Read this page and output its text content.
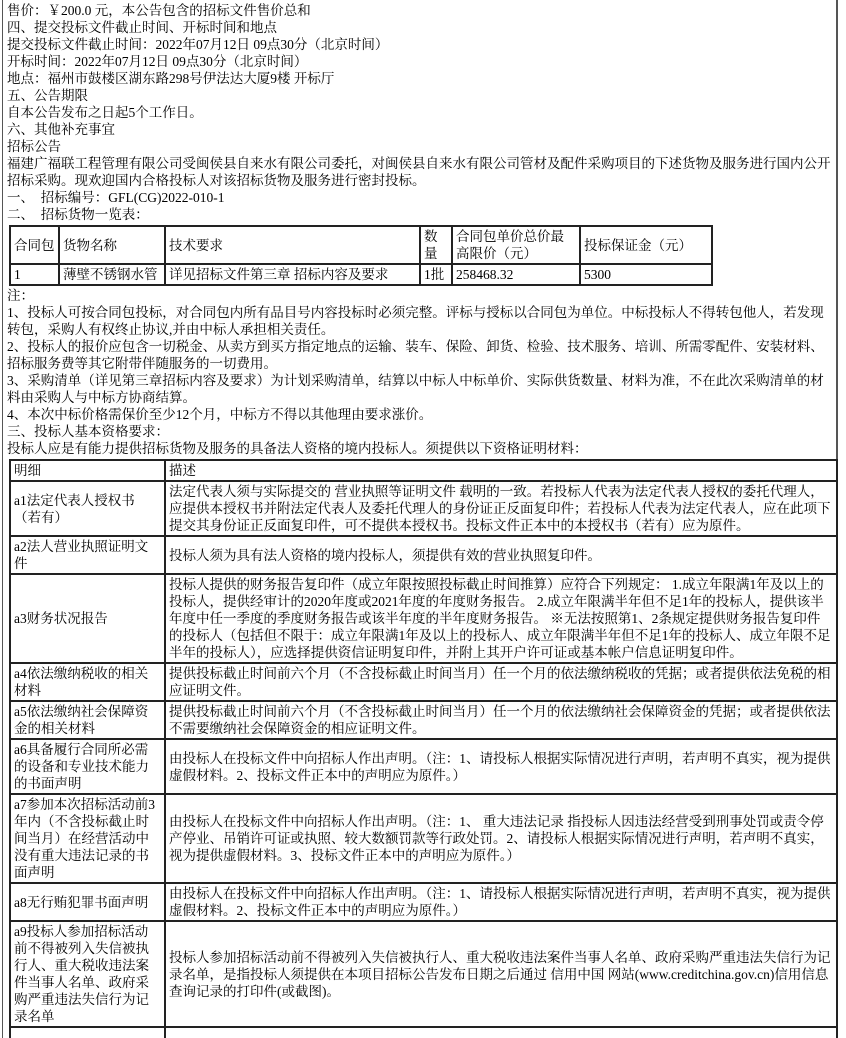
售价：￥200.0 元，本公告包含的招标文件售价总和
四、提交投标文件截止时间、开标时间和地点
提交投标文件截止时间：2022年07月12日 09点30分（北京时间）
开标时间：2022年07月12日 09点30分（北京时间）
地点：福州市鼓楼区湖东路298号伊法达大厦9楼 开标厅
五、公告期限
自本公告发布之日起5个工作日。
六、其他补充事宜
招标公告
福建广福联工程管理有限公司受闽侯县自来水有限公司委托，对闽侯县自来水有限公司管材及配件采购项目的下述货物及服务进行国内公开招标采购。现欢迎国内合格投标人对该招标货物及服务进行密封投标。
一、　招标编号：GFL(CG)2022-010-1
二、　招标货物一览表：
合同包	货物名称	技术要求	数量	合同包单价总价最高限价（元）	投标保证金（元）
1	薄壁不锈钢水管	详见招标文件第三章 招标内容及要求	1批	258468.32	5300
注：
1、投标人可按合同包投标，对合同包内所有品目号内容投标时必须完整。评标与授标以合同包为单位。中标投标人不得转包他人，若发现转包，采购人有权终止协议,并由中标人承担相关责任。
2、投标人的报价应包含一切税金、从卖方到买方指定地点的运输、装车、保险、卸货、检验、技术服务、培训、所需零配件、安装材料、招标服务费等其它附带伴随服务的一切费用。
3、采购清单（详见第三章招标内容及要求）为计划采购清单，结算以中标人中标单价、实际供货数量、材料为准，不在此次采购清单的材料由采购人与中标方协商结算。
4、本次中标价格需保价至少12个月，中标方不得以其他理由要求涨价。
三、投标人基本资格要求：
投标人应是有能力提供招标货物及服务的具备法人资格的境内投标人。须提供以下资格证明材料：
明细	描述
a1法定代表人授权书（若有）	法定代表人须与实际提交的 营业执照等证明文件 载明的一致。若投标人代表为法定代表人授权的委托代理人，应提供本授权书并附法定代表人及委托代理人的身份证正反面复印件；若投标人代表为法定代表人，应在此项下提交其身份证正反面复印件，可不提供本授权书。投标文件正本中的本授权书（若有）应为原件。
a2法人营业执照证明文件	投标人须为具有法人资格的境内投标人，须提供有效的营业执照复印件。
a3财务状况报告	投标人提供的财务报告复印件（成立年限按照投标截止时间推算）应符合下列规定： 1.成立年限满1年及以上的投标人，提供经审计的2020年度或2021年度的年度财务报告。 2.成立年限满半年但不足1年的投标人，提供该半年度中任一季度的季度财务报告或该半年度的半年度财务报告。 ※无法按照第1、2条规定提供财务报告复印件的投标人（包括但不限于：成立年限满1年及以上的投标人、成立年限满半年但不足1年的投标人、成立年限不足半年的投标人），应选择提供资信证明复印件，并附上其开户许可证或基本帐户信息证明复印件。
a4依法缴纳税收的相关材料	提供投标截止时间前六个月（不含投标截止时间当月）任一个月的依法缴纳税收的凭据；或者提供依法免税的相应证明文件。
a5依法缴纳社会保障资金的相关材料	提供投标截止时间前六个月（不含投标截止时间当月）任一个月的依法缴纳社会保障资金的凭据；或者提供依法不需要缴纳社会保障资金的相应证明文件。
a6具备履行合同所必需的设备和专业技术能力的书面声明	由投标人在投标文件中向招标人作出声明。（注：1、请投标人根据实际情况进行声明，若声明不真实，视为提供虚假材料。2、投标文件正本中的声明应为原件。）
a7参加本次招标活动前3年内（不含投标截止时间当月）在经营活动中没有重大违法记录的书面声明	由投标人在投标文件中向招标人作出声明。（注：1、 重大违法记录 指投标人因违法经营受到刑事处罚或责令停产停业、吊销许可证或执照、较大数额罚款等行政处罚。2、请投标人根据实际情况进行声明，若声明不真实，视为提供虚假材料。3、投标文件正本中的声明应为原件。）
a8无行贿犯罪书面声明	由投标人在投标文件中向招标人作出声明。（注：1、请投标人根据实际情况进行声明，若声明不真实，视为提供虚假材料。2、投标文件正本中的声明应为原件。）
a9投标人参加招标活动前不得被列入失信被执行人、重大税收违法案件当事人名单、政府采购严重违法失信行为记录名单	投标人参加招标活动前不得被列入失信被执行人、重大税收违法案件当事人名单、政府采购严重违法失信行为记录名单，是指投标人须提供在本项目招标公告发布日期之后通过 信用中国 网站(www.creditchina.gov.cn)信用信息查询记录的打印件(或截图)。
